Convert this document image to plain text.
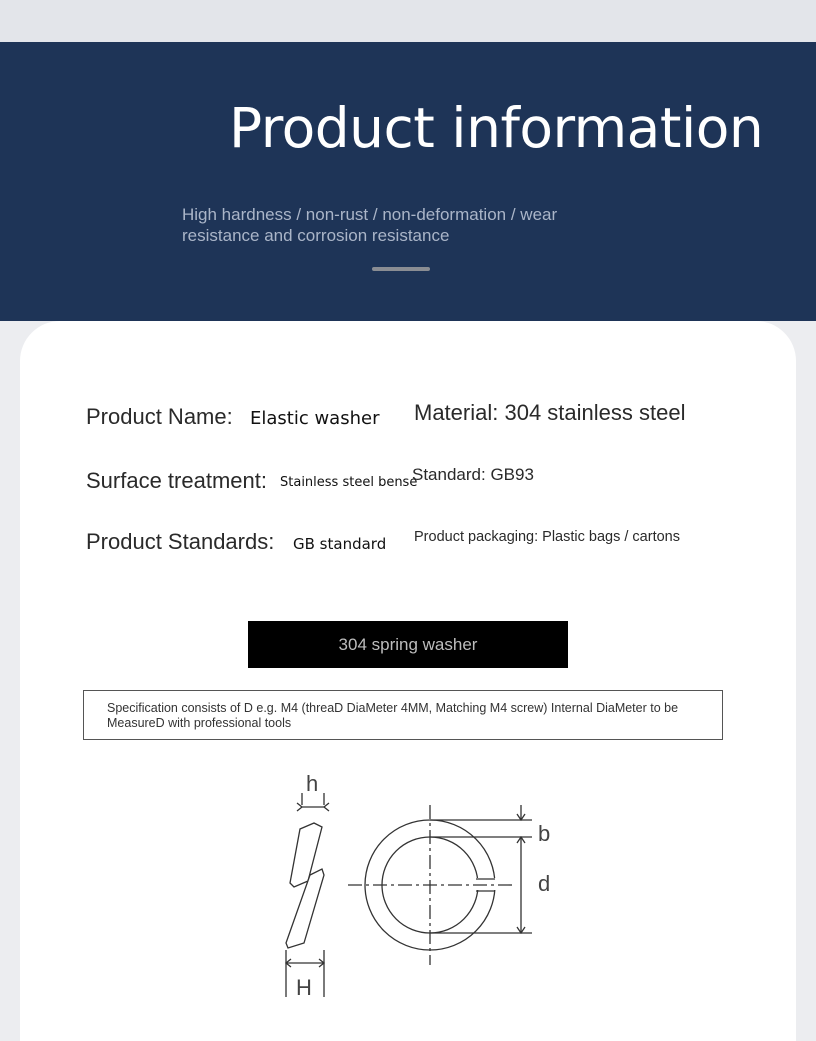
Product information
High hardness / non-rust / non-deformation / wear resistance and corrosion resistance
Product Name: Elastic washer Material: 304 stainless steel
Surface treatment: Stainless steel bense
Standard: GB93
Product Standards: GB standard Product packaging: Plastic bags / cartons
304 spring washer
Specification consists of D e.g. M4 (threaD DiaMeter 4MM, Matching M4 screw) Internal DiaMeter to be MeasureD with professional tools
h
H
b
d
